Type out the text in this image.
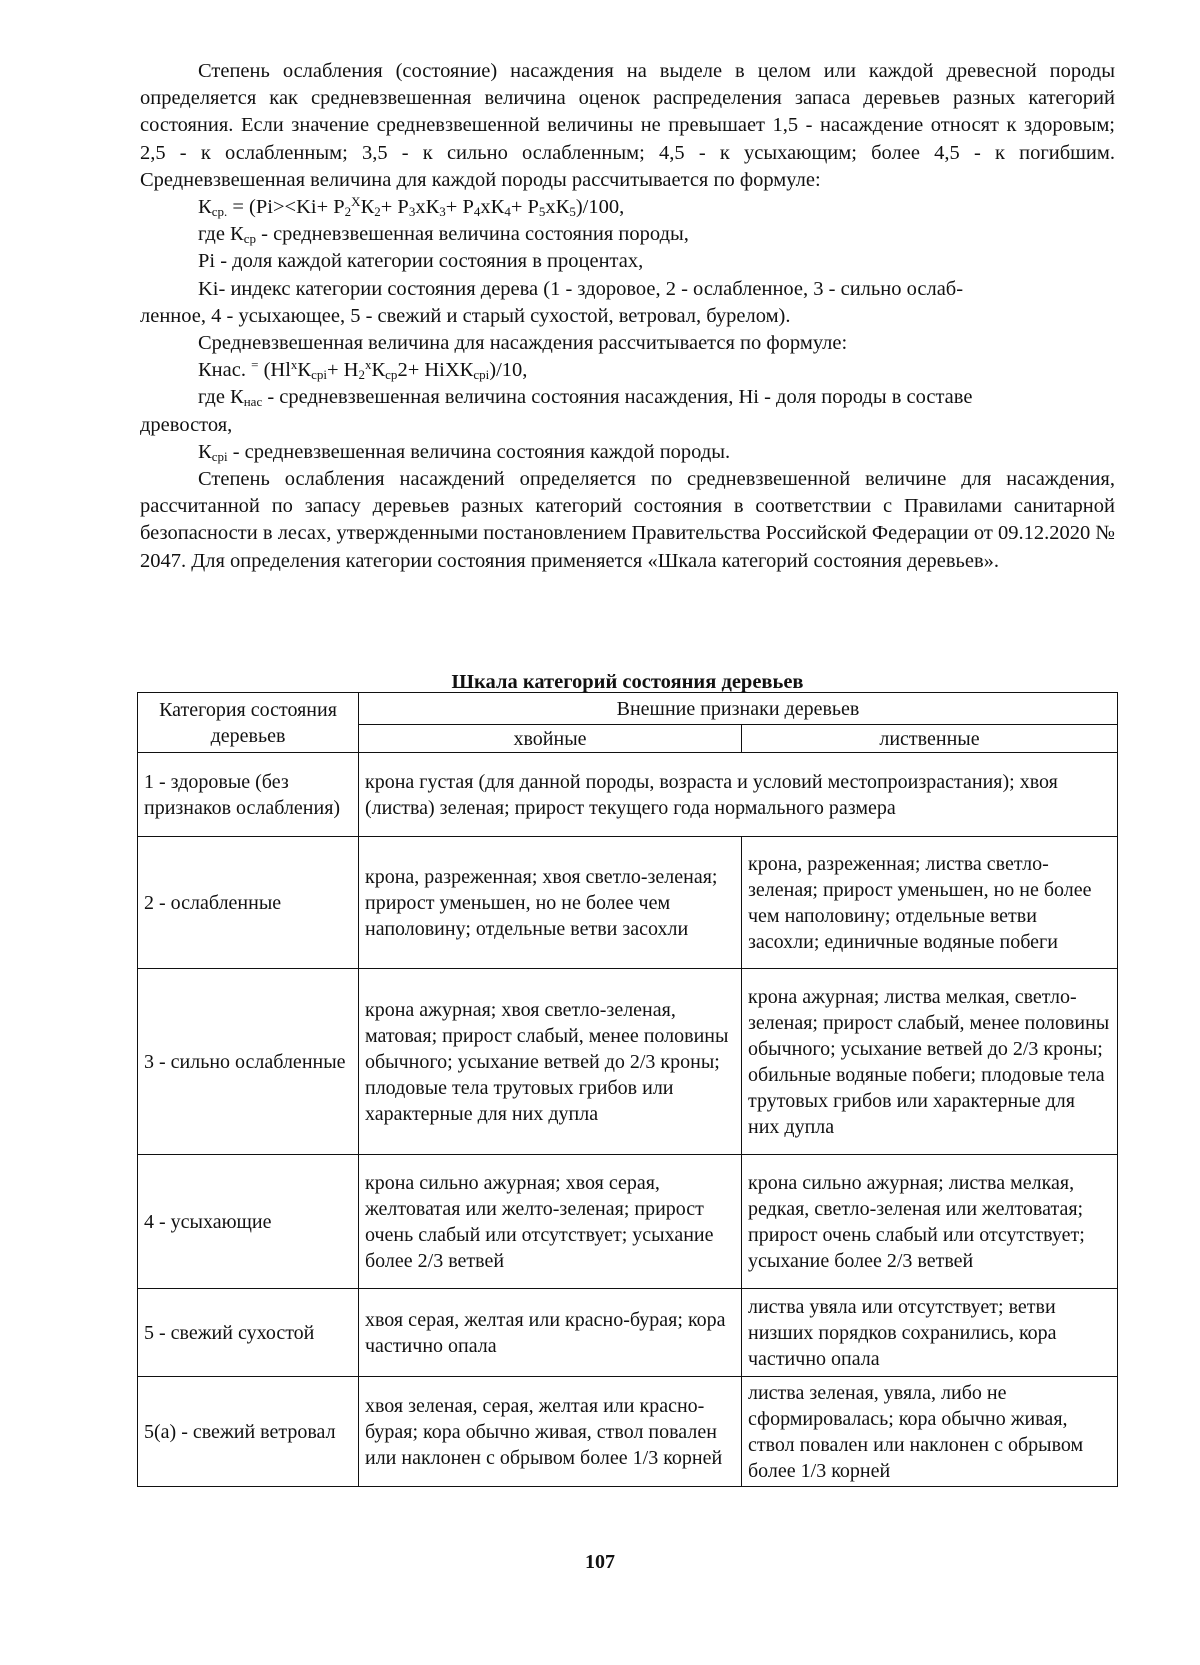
Степень ослабления (состояние) насаждения на выделе в целом или каждой древесной породы определяется как средневзвешенная величина оценок распределения запаса деревьев разных категорий состояния. Если значение средневзвешенной величины не превышает 1,5 - насаждение относят к здоровым; 2,5 - к ослабленным; 3,5 - к сильно ослабленным; 4,5 - к усыхающим; более 4,5 - к погибшим. Средневзвешенная величина для каждой породы рассчитывается по формуле:

$К_{ср.} = (Pi><Ki+ P_2^XК_2+ P_3xК_3+ P_4xК_4+ P_5xК_5)/100$,

где $К_{ср}$ - средневзвешенная величина состояния породы,

Pi - доля каждой категории состояния в процентах,

Ki- индекс категории состояния дерева (1 - здоровое, 2 - ослабленное, 3 - сильно ослаб-

ленное, 4 - усыхающее, 5 - свежий и старый сухостой, ветровал, бурелом).

Средневзвешенная величина для насаждения рассчитывается по формуле:

Кнас. = ($Hl^xК_{срi}+ H_2^xК_{ср}2+$ HiXК$_{срi}$)/10,

где $К_{нас}$ - средневзвешенная величина состояния насаждения, Hi - доля породы в составе

древостоя,

$К_{срi}$ - средневзвешенная величина состояния каждой породы.

Степень ослабления насаждений определяется по средневзвешенной величине для насаждения, рассчитанной по запасу деревьев разных категорий состояния в соответствии с Правилами санитарной безопасности в лесах, утвержденными постановлением Правительства Российской Федерации от 09.12.2020 № 2047. Для определения категории состояния применяется «Шкала категорий состояния деревьев».

Шкала категорий состояния деревьев
Категория состояния деревьев	Внешние признаки деревьев	
	хвойные	лиственные
1 - здоровые (без признаков ослабления)	крона густая (для данной породы, возраста и условий местопроизрастания); хвоя (листва) зеленая; прирост текущего года нормального размера	
2 - ослабленные	крона, разреженная; хвоя светло-зеленая; прирост уменьшен, но не более чем наполовину; отдельные ветви засохли	крона, разреженная; листва светло-зеленая; прирост уменьшен, но не более чем наполовину; отдельные ветви засохли; единичные водяные побеги
3 - сильно ослабленные	крона ажурная; хвоя светло-зеленая, матовая; прирост слабый, менее половины обычного; усыхание ветвей до 2/3 кроны; плодовые тела трутовых грибов или характерные для них дупла	крона ажурная; листва мелкая, светло-зеленая; прирост слабый, менее половины обычного; усыхание ветвей до 2/3 кроны; обильные водяные побеги; плодовые тела трутовых грибов или характерные для них дупла
4 - усыхающие	крона сильно ажурная; хвоя серая, желтоватая или желто-зеленая; прирост очень слабый или отсутствует; усыхание более 2/3 ветвей	крона сильно ажурная; листва мелкая, редкая, светло-зеленая или желтоватая; прирост очень слабый или отсутствует; усыхание более 2/3 ветвей
5 - свежий сухостой	хвоя серая, желтая или красно-бурая; кора частично опала	листва увяла или отсутствует; ветви низших порядков сохранились, кора частично опала
5(а) - свежий ветровал	хвоя зеленая, серая, желтая или красно-бурая; кора обычно живая, ствол повален или наклонен с обрывом более 1/3 корней	листва зеленая, увяла, либо не сформировалась; кора обычно живая, ствол повален или наклонен с обрывом более 1/3 корней
107
